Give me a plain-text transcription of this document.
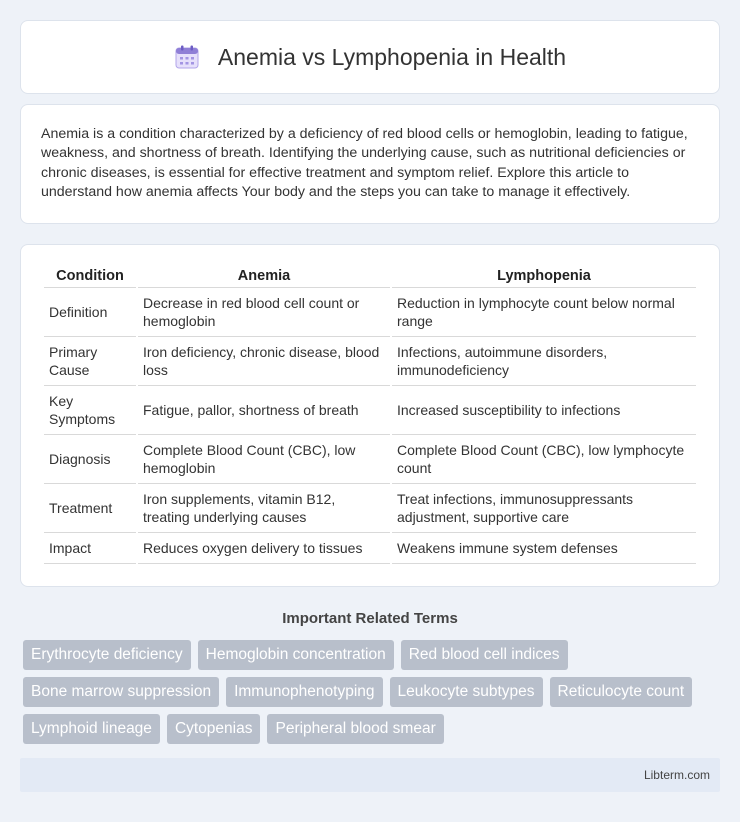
Anemia vs Lymphopenia in Health

Anemia is a condition characterized by a deficiency of red blood cells or hemoglobin, leading to fatigue, weakness, and shortness of breath. Identifying the underlying cause, such as nutritional deficiencies or chronic diseases, is essential for effective treatment and symptom relief. Explore this article to understand how anemia affects Your body and the steps you can take to manage it effectively.

Condition	Anemia	Lymphopenia
Definition	Decrease in red blood cell count or hemoglobin	Reduction in lymphocyte count below normal range
Primary Cause	Iron deficiency, chronic disease, blood loss	Infections, autoimmune disorders, immunodeficiency
Key Symptoms	Fatigue, pallor, shortness of breath	Increased susceptibility to infections
Diagnosis	Complete Blood Count (CBC), low hemoglobin	Complete Blood Count (CBC), low lymphocyte count
Treatment	Iron supplements, vitamin B12, treating underlying causes	Treat infections, immunosuppressants adjustment, supportive care
Impact	Reduces oxygen delivery to tissues	Weakens immune system defenses
Important Related Terms
Erythrocyte deficiency	Hemoglobin concentration	Red blood cell indices
Bone marrow suppression	Immunophenotyping	Leukocyte subtypes	Reticulocyte count
Lymphoid lineage	Cytopenias	Peripheral blood smear
Libterm.com
